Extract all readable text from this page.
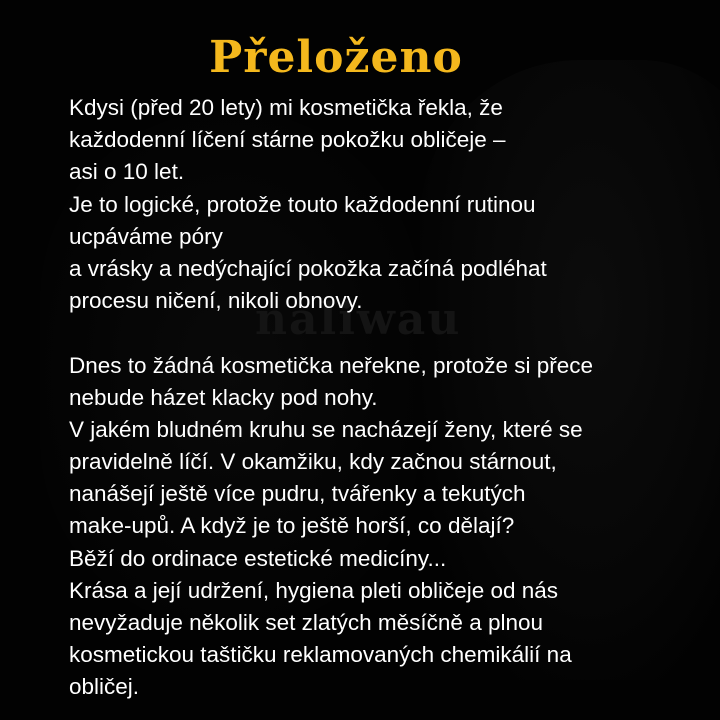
naliwau
Přeloženo
Kdysi (před 20 lety) mi kosmetička řekla, že
každodenní líčení stárne pokožku obličeje –
asi o 10 let.
Je to logické, protože touto každodenní rutinou
ucpáváme póry
a vrásky a nedýchající pokožka začíná podléhat
procesu ničení, nikoli obnovy.
Dnes to žádná kosmetička neřekne, protože si přece
nebude házet klacky pod nohy.
V jakém bludném kruhu se nacházejí ženy, které se
pravidelně líčí. V okamžiku, kdy začnou stárnout,
nanášejí ještě více pudru, tvářenky a tekutých
make-upů. A když je to ještě horší, co dělají?
Běží do ordinace estetické medicíny...
Krása a její udržení, hygiena pleti obličeje od nás
nevyžaduje několik set zlatých měsíčně a plnou
kosmetickou taštičku reklamovaných chemikálií na
obličej.
